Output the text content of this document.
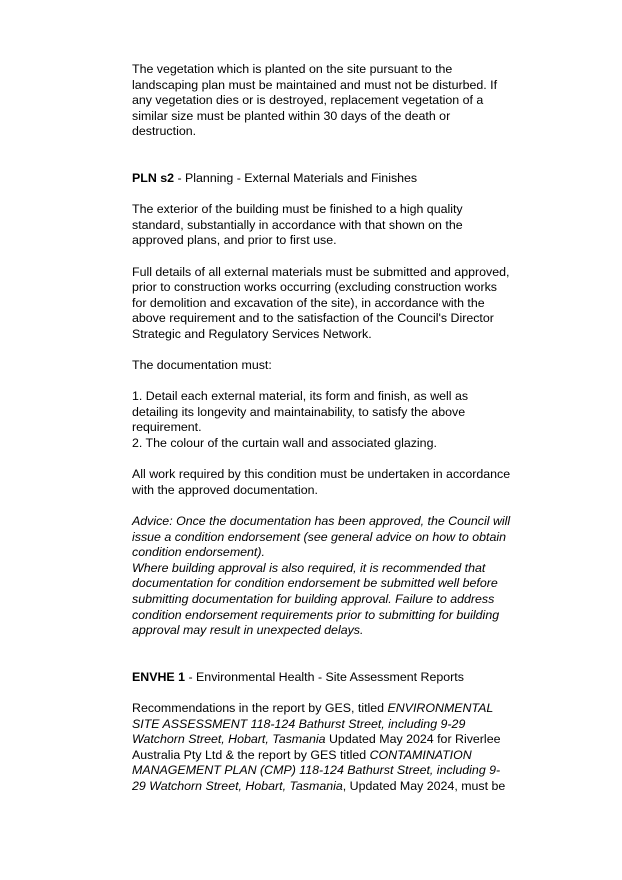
The vegetation which is planted on the site pursuant to the

landscaping plan must be maintained and must not be disturbed. If

any vegetation dies or is destroyed, replacement vegetation of a

similar size must be planted within 30 days of the death or

destruction.

PLN s2 - Planning - External Materials and Finishes

The exterior of the building must be finished to a high quality

standard, substantially in accordance with that shown on the

approved plans, and prior to first use.

Full details of all external materials must be submitted and approved,

prior to construction works occurring (excluding construction works

for demolition and excavation of the site), in accordance with the

above requirement and to the satisfaction of the Council's Director

Strategic and Regulatory Services Network.

The documentation must:

1. Detail each external material, its form and finish, as well as

detailing its longevity and maintainability, to satisfy the above

requirement.

2. The colour of the curtain wall and associated glazing.

All work required by this condition must be undertaken in accordance

with the approved documentation.

Advice: Once the documentation has been approved, the Council will

issue a condition endorsement (see general advice on how to obtain

condition endorsement).

Where building approval is also required, it is recommended that

documentation for condition endorsement be submitted well before

submitting documentation for building approval. Failure to address

condition endorsement requirements prior to submitting for building

approval may result in unexpected delays.

ENVHE 1 - Environmental Health - Site Assessment Reports

Recommendations in the report by GES, titled ENVIRONMENTAL

SITE ASSESSMENT 118-124 Bathurst Street, including 9-29

Watchorn Street, Hobart, Tasmania Updated May 2024 for Riverlee

Australia Pty Ltd & the report by GES titled CONTAMINATION

MANAGEMENT PLAN (CMP) 118-124 Bathurst Street, including 9-

29 Watchorn Street, Hobart, Tasmania, Updated May 2024, must be
